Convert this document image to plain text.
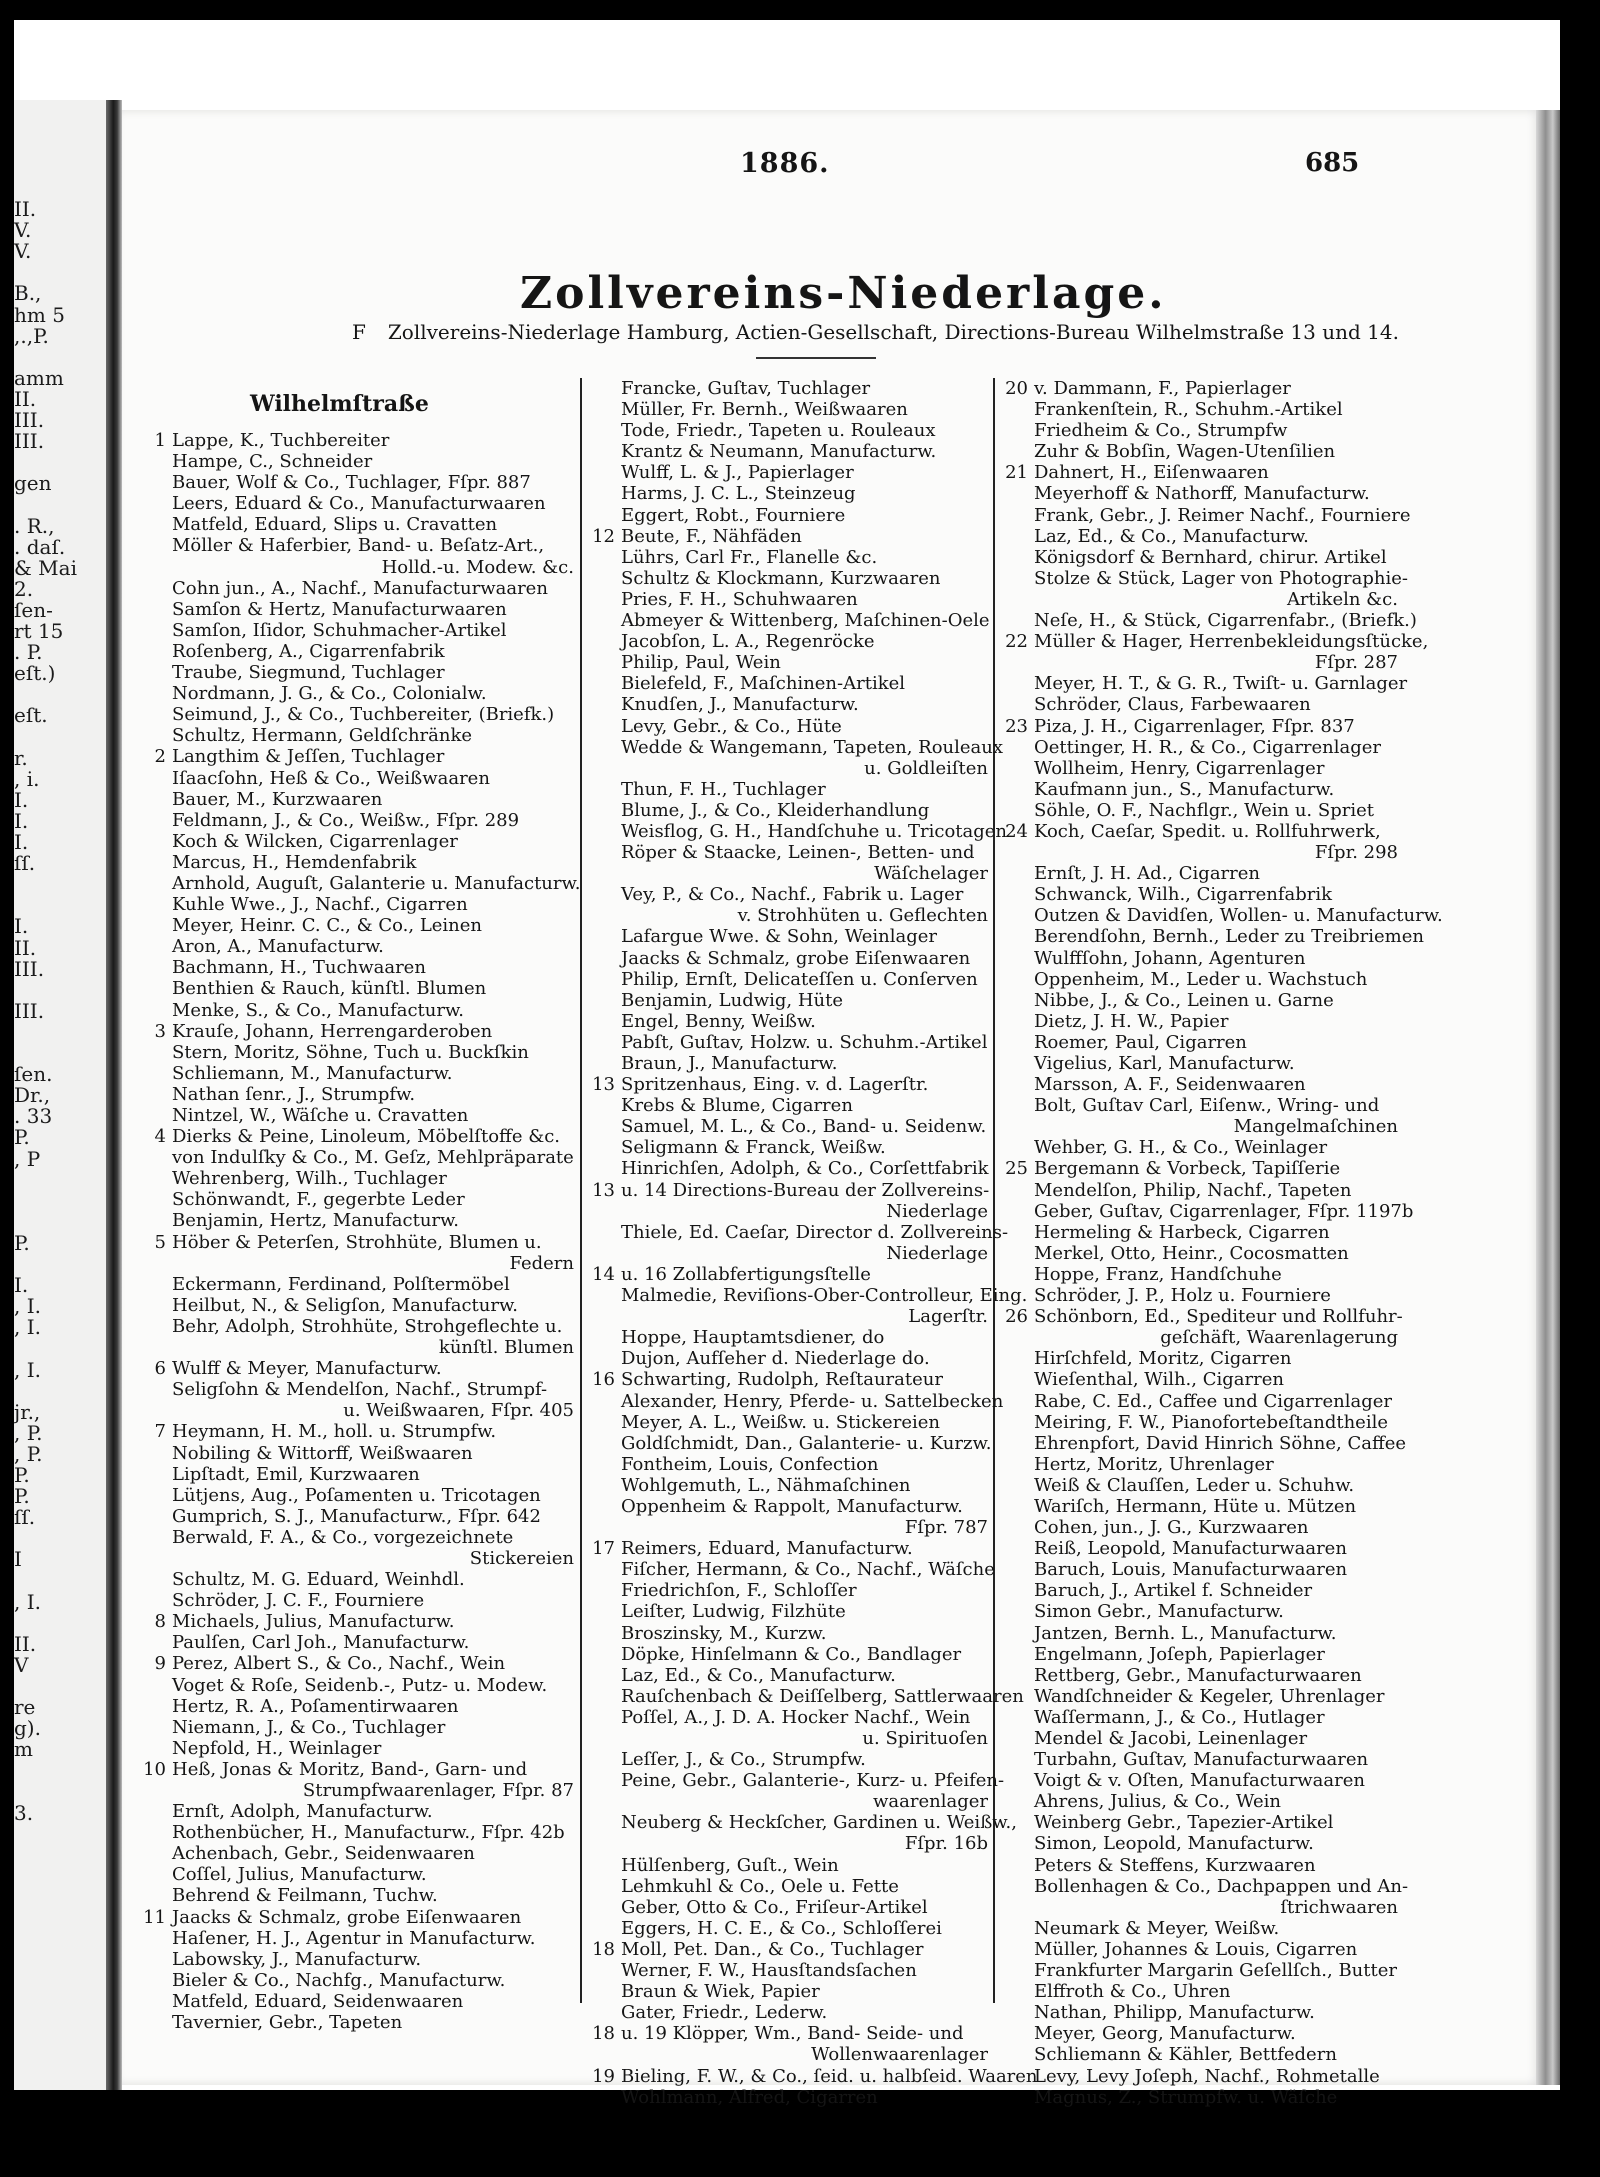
II.
V.
V.
B.,
hm 5
,.,P.
amm
II.
III.
III.
gen
. R.,
. daſ.
& Mai
2.
ſen-
rt 15
. P.
eſt.)
eſt.
r.
, i.
I.
I.
I.
ſſ.
I.
II.
III.
III.
ſen.
Dr.,
. 33
P.
, P
P.
I.
, I.
, I.
, I.
jr.,
, P.
, P.
P.
P.
ſſ.
I
, I.
II.
V
re
g).
m
3.
1886.	685
Zollvereins-Niederlage.
F Zollvereins-Niederlage Hamburg, Actien-Gesellschaft, Directions-Bureau Wilhelmstraße 13 und 14.
Wilhelmſtraße
1 Lappe, K., Tuchbereiter
Hampe, C., Schneider
Bauer, Wolf & Co., Tuchlager, Fſpr. 887
Leers, Eduard & Co., Manufacturwaaren
Matfeld, Eduard, Slips u. Cravatten
Möller & Haferbier, Band- u. Beſatz-Art.,
Holld.-u. Modew. &c.
Cohn jun., A., Nachf., Manufacturwaaren
Samſon & Hertz, Manufacturwaaren
Samſon, Iſidor, Schuhmacher-Artikel
Roſenberg, A., Cigarrenfabrik
Traube, Siegmund, Tuchlager
Nordmann, J. G., & Co., Colonialw.
Seimund, J., & Co., Tuchbereiter, (Briefk.)
Schultz, Hermann, Geldſchränke
2 Langthim & Jeſſen, Tuchlager
Iſaacſohn, Heß & Co., Weißwaaren
Bauer, M., Kurzwaaren
Feldmann, J., & Co., Weißw., Fſpr. 289
Koch & Wilcken, Cigarrenlager
Marcus, H., Hemdenfabrik
Arnhold, Auguſt, Galanterie u. Manufacturw.
Kuhle Wwe., J., Nachf., Cigarren
Meyer, Heinr. C. C., & Co., Leinen
Aron, A., Manufacturw.
Bachmann, H., Tuchwaaren
Benthien & Rauch, künſtl. Blumen
Menke, S., & Co., Manufacturw.
3 Krauſe, Johann, Herrengarderoben
Stern, Moritz, Söhne, Tuch u. Buckſkin
Schliemann, M., Manufacturw.
Nathan ſenr., J., Strumpfw.
Nintzel, W., Wäſche u. Cravatten
4 Dierks & Peine, Linoleum, Möbelſtoffe &c.
von Indulſky & Co., M. Geſz, Mehlpräparate
Wehrenberg, Wilh., Tuchlager
Schönwandt, F., gegerbte Leder
Benjamin, Hertz, Manufacturw.
5 Höber & Peterſen, Strohhüte, Blumen u.
Federn
Eckermann, Ferdinand, Polſtermöbel
Heilbut, N., & Seligſon, Manufacturw.
Behr, Adolph, Strohhüte, Strohgeflechte u.
künſtl. Blumen
6 Wulff & Meyer, Manufacturw.
Seligſohn & Mendelſon, Nachf., Strumpf-
u. Weißwaaren, Fſpr. 405
7 Heymann, H. M., holl. u. Strumpfw.
Nobiling & Wittorff, Weißwaaren
Lipſtadt, Emil, Kurzwaaren
Lütjens, Aug., Poſamenten u. Tricotagen
Gumprich, S. J., Manufacturw., Fſpr. 642
Berwald, F. A., & Co., vorgezeichnete
Stickereien
Schultz, M. G. Eduard, Weinhdl.
Schröder, J. C. F., Fourniere
8 Michaels, Julius, Manufacturw.
Paulſen, Carl Joh., Manufacturw.
9 Perez, Albert S., & Co., Nachf., Wein
Voget & Roſe, Seidenb.-, Putz- u. Modew.
Hertz, R. A., Poſamentirwaaren
Niemann, J., & Co., Tuchlager
Nepfold, H., Weinlager
10 Heß, Jonas & Moritz, Band-, Garn- und
Strumpfwaarenlager, Fſpr. 87
Ernſt, Adolph, Manufacturw.
Rothenbücher, H., Manufacturw., Fſpr. 42b
Achenbach, Gebr., Seidenwaaren
Coſſel, Julius, Manufacturw.
Behrend & Feilmann, Tuchw.
11 Jaacks & Schmalz, grobe Eiſenwaaren
Haſener, H. J., Agentur in Manufacturw.
Labowsky, J., Manufacturw.
Bieler & Co., Nachfg., Manufacturw.
Matfeld, Eduard, Seidenwaaren
Tavernier, Gebr., Tapeten
Francke, Guſtav, Tuchlager
Müller, Fr. Bernh., Weißwaaren
Tode, Friedr., Tapeten u. Rouleaux
Krantz & Neumann, Manufacturw.
Wulff, L. & J., Papierlager
Harms, J. C. L., Steinzeug
Eggert, Robt., Fourniere
12 Beute, F., Nähfäden
Lührs, Carl Fr., Flanelle &c.
Schultz & Klockmann, Kurzwaaren
Pries, F. H., Schuhwaaren
Abmeyer & Wittenberg, Maſchinen-Oele
Jacobſon, L. A., Regenröcke
Philip, Paul, Wein
Bielefeld, F., Maſchinen-Artikel
Knudſen, J., Manufacturw.
Levy, Gebr., & Co., Hüte
Wedde & Wangemann, Tapeten, Rouleaux
u. Goldleiſten
Thun, F. H., Tuchlager
Blume, J., & Co., Kleiderhandlung
Weisflog, G. H., Handſchuhe u. Tricotagen
Röper & Staacke, Leinen-, Betten- und
Wäſchelager
Vey, P., & Co., Nachf., Fabrik u. Lager
v. Strohhüten u. Geflechten
Lafargue Wwe. & Sohn, Weinlager
Jaacks & Schmalz, grobe Eiſenwaaren
Philip, Ernſt, Delicateſſen u. Conſerven
Benjamin, Ludwig, Hüte
Engel, Benny, Weißw.
Pabſt, Guſtav, Holzw. u. Schuhm.-Artikel
Braun, J., Manufacturw.
13 Spritzenhaus, Eing. v. d. Lagerſtr.
Krebs & Blume, Cigarren
Samuel, M. L., & Co., Band- u. Seidenw.
Seligmann & Franck, Weißw.
Hinrichſen, Adolph, & Co., Corſettfabrik
13 u. 14 Directions-Bureau der Zollvereins-
Niederlage
Thiele, Ed. Caeſar, Director d. Zollvereins-
Niederlage
14 u. 16 Zollabfertigungsſtelle
Malmedie, Reviſions-Ober-Controlleur, Eing.
Lagerſtr.
Hoppe, Hauptamtsdiener, do
Dujon, Aufſeher d. Niederlage do.
16 Schwarting, Rudolph, Reſtaurateur
Alexander, Henry, Pferde- u. Sattelbecken
Meyer, A. L., Weißw. u. Stickereien
Goldſchmidt, Dan., Galanterie- u. Kurzw.
Fontheim, Louis, Confection
Wohlgemuth, L., Nähmaſchinen
Oppenheim & Rappolt, Manufacturw.
Fſpr. 787
17 Reimers, Eduard, Manufacturw.
Fiſcher, Hermann, & Co., Nachf., Wäſche
Friedrichſon, F., Schloſſer
Leiſter, Ludwig, Filzhüte
Broszinsky, M., Kurzw.
Döpke, Hinſelmann & Co., Bandlager
Laz, Ed., & Co., Manufacturw.
Rauſchenbach & Deiſſelberg, Sattlerwaaren
Poſſel, A., J. D. A. Hocker Nachf., Wein
u. Spirituoſen
Leſſer, J., & Co., Strumpfw.
Peine, Gebr., Galanterie-, Kurz- u. Pfeifen-
waarenlager
Neuberg & Heckſcher, Gardinen u. Weißw.,
Fſpr. 16b
Hülſenberg, Guſt., Wein
Lehmkuhl & Co., Oele u. Fette
Geber, Otto & Co., Friſeur-Artikel
Eggers, H. C. E., & Co., Schloſſerei
18 Moll, Pet. Dan., & Co., Tuchlager
Werner, F. W., Hausſtandsſachen
Braun & Wiek, Papier
Gater, Friedr., Lederw.
18 u. 19 Klöpper, Wm., Band- Seide- und
Wollenwaarenlager
19 Bieling, F. W., & Co., ſeid. u. halbſeid. Waaren
Wohlmann, Alfred, Cigarren
20 v. Dammann, F., Papierlager
Frankenſtein, R., Schuhm.-Artikel
Friedheim & Co., Strumpfw
Zuhr & Bobſin, Wagen-Utenſilien
21 Dahnert, H., Eiſenwaaren
Meyerhoff & Nathorff, Manufacturw.
Frank, Gebr., J. Reimer Nachf., Fourniere
Laz, Ed., & Co., Manufacturw.
Königsdorf & Bernhard, chirur. Artikel
Stolze & Stück, Lager von Photographie-
Artikeln &c.
Neſe, H., & Stück, Cigarrenfabr., (Briefk.)
22 Müller & Hager, Herrenbekleidungsſtücke,
Fſpr. 287
Meyer, H. T., & G. R., Twiſt- u. Garnlager
Schröder, Claus, Farbewaaren
23 Piza, J. H., Cigarrenlager, Fſpr. 837
Oettinger, H. R., & Co., Cigarrenlager
Wollheim, Henry, Cigarrenlager
Kaufmann jun., S., Manufacturw.
Söhle, O. F., Nachflgr., Wein u. Spriet
24 Koch, Caeſar, Spedit. u. Rollfuhrwerk,
Fſpr. 298
Ernſt, J. H. Ad., Cigarren
Schwanck, Wilh., Cigarrenfabrik
Outzen & Davidſen, Wollen- u. Manufacturw.
Berendſohn, Bernh., Leder zu Treibriemen
Wulffſohn, Johann, Agenturen
Oppenheim, M., Leder u. Wachstuch
Nibbe, J., & Co., Leinen u. Garne
Dietz, J. H. W., Papier
Roemer, Paul, Cigarren
Vigelius, Karl, Manufacturw.
Marsson, A. F., Seidenwaaren
Bolt, Guſtav Carl, Eiſenw., Wring- und
Mangelmaſchinen
Wehber, G. H., & Co., Weinlager
25 Bergemann & Vorbeck, Tapiſſerie
Mendelſon, Philip, Nachf., Tapeten
Geber, Guſtav, Cigarrenlager, Fſpr. 1197b
Hermeling & Harbeck, Cigarren
Merkel, Otto, Heinr., Cocosmatten
Hoppe, Franz, Handſchuhe
Schröder, J. P., Holz u. Fourniere
26 Schönborn, Ed., Spediteur und Rollfuhr-
geſchäft, Waarenlagerung
Hirſchfeld, Moritz, Cigarren
Wieſenthal, Wilh., Cigarren
Rabe, C. Ed., Caffee und Cigarrenlager
Meiring, F. W., Pianofortebeſtandtheile
Ehrenpfort, David Hinrich Söhne, Caffee
Hertz, Moritz, Uhrenlager
Weiß & Clauſſen, Leder u. Schuhw.
Wariſch, Hermann, Hüte u. Mützen
Cohen, jun., J. G., Kurzwaaren
Reiß, Leopold, Manufacturwaaren
Baruch, Louis, Manufacturwaaren
Baruch, J., Artikel f. Schneider
Simon Gebr., Manufacturw.
Jantzen, Bernh. L., Manufacturw.
Engelmann, Joſeph, Papierlager
Rettberg, Gebr., Manufacturwaaren
Wandſchneider & Kegeler, Uhrenlager
Waſſermann, J., & Co., Hutlager
Mendel & Jacobi, Leinenlager
Turbahn, Guſtav, Manufacturwaaren
Voigt & v. Oſten, Manufacturwaaren
Ahrens, Julius, & Co., Wein
Weinberg Gebr., Tapezier-Artikel
Simon, Leopold, Manufacturw.
Peters & Steffens, Kurzwaaren
Bollenhagen & Co., Dachpappen und An-
ſtrichwaaren
Neumark & Meyer, Weißw.
Müller, Johannes & Louis, Cigarren
Frankfurter Margarin Geſellſch., Butter
Elffroth & Co., Uhren
Nathan, Philipp, Manufacturw.
Meyer, Georg, Manufacturw.
Schliemann & Kähler, Bettfedern
Levy, Levy Joſeph, Nachf., Rohmetalle
Magnus, Z., Strumpfw. u. Wäſche
